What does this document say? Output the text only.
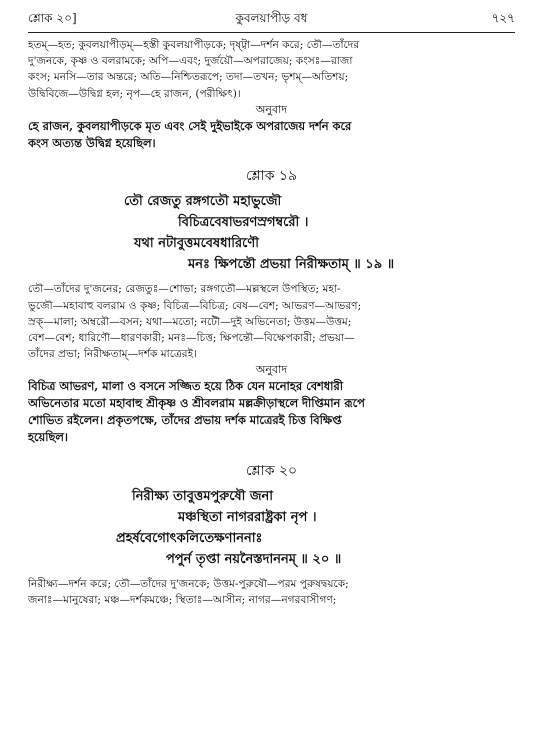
শ্লোক ২০]	কুবলয়াপীড় বধ	৭২৭
হতম্—হত; কুবলয়াপীড়ম্—হস্তী কুবলয়াপীড়কে; দৃষ্ট্বা—দর্শন করে; তৌ—তাঁদের
দু'জনকে, কৃষ্ণ ও বলরামকে; অপি—এবং; দুর্জয়ৌ—অপরাজেয়; কংসঃ—রাজা
কংস; মনসি—তার অন্তরে; অতি—নিশ্চিতরূপে; তদা—তখন; ভৃশম্—অতিশয়;
উদ্বিবিজে—উদ্বিগ্ন হল; নৃপ—হে রাজন, (পরীক্ষিৎ)।

অনুবাদ

হে রাজন, কুবলয়াপীড়কে মৃত এবং সেই দুইভাইকে অপরাজেয় দর্শন করে
কংস অত্যন্ত উদ্বিগ্ন হয়েছিল।
শ্লোক ১৯
তৌ রেজতু রঙ্গগতৌ মহাভুজৌ
বিচিত্রবেষাভরণস্রগম্বরৌ ।
যথা নটাবুত্তমবেষধারিণৌ
মনঃ ক্ষিপন্তৌ প্রভয়া নিরীক্ষতাম্ ॥ ১৯ ॥
তৌ—তাঁদের দু'জনের; রেজতুঃ—শোভা; রঙ্গগতৌ—মল্লস্থলে উপস্থিত; মহা-
ভুজৌ—মহাবাহু বলরাম ও কৃষ্ণ; বিচিত্র—বিচিত্র; বেষ—বেশ; আভরণ—আভরণ;
স্রক্—মালা; অম্বরৌ—বসন; যথা—মতো; নটৌ—দুই অভিনেতা; উত্তম—উত্তম;
বেশ—বেশ; ধারিণৌ—ধারণকারী; মনঃ—চিত্ত; ক্ষিপন্তৌ—বিক্ষেপকারী; প্রভয়া—
তাঁদের প্রভা; নিরীক্ষতাম্—দর্শক মাত্রেরই।

অনুবাদ

বিচিত্র আভরণ, মালা ও বসনে সজ্জিত হয়ে ঠিক যেন মনোহর বেশধারী
অভিনেতার মতো মহাবাহু শ্রীকৃষ্ণ ও শ্রীবলরাম মল্লক্রীড়াস্থলে দীপ্তিমান রূপে
শোভিত রইলেন। প্রকৃতপক্ষে, তাঁদের প্রভায় দর্শক মাত্রেরই চিত্ত বিক্ষিপ্ত
হয়েছিল।
শ্লোক ২০
নিরীক্ষ্য তাবুত্তমপুরুষৌ জনা
মঞ্চস্থিতা নাগররাষ্ট্রকা নৃপ ।
প্রহর্ষবেগোৎকলিতেক্ষণাননাঃ
পপুর্ন তৃপ্তা নয়নৈস্তদাননম্ ॥ ২০ ॥
নিরীক্ষ্য—দর্শন করে; তৌ—তাঁদের দু'জনকে; উত্তম-পুরুষৌ—পরম পুরুষদ্বয়কে;
জনাঃ—মানুষেরা; মঞ্চ—দর্শকমঞ্চে; স্থিতাঃ—আসীন; নাগর—নগরবাসীগণ;
